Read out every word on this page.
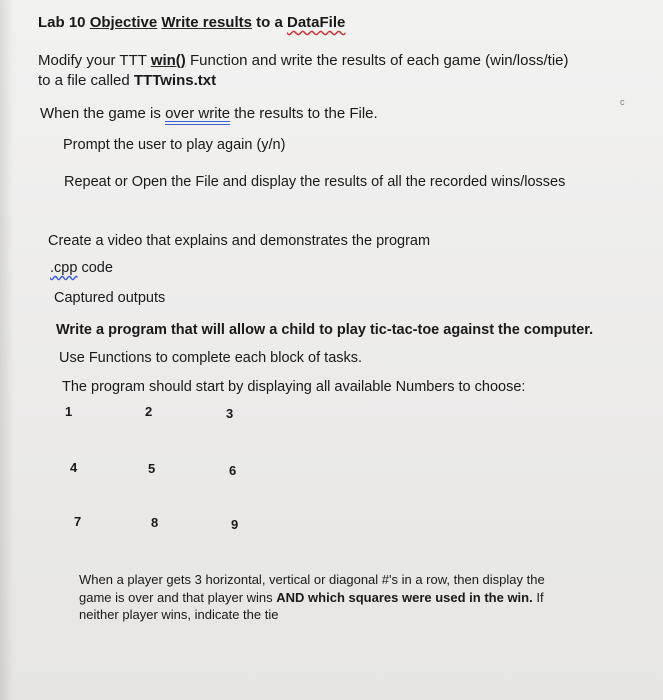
Lab 10 Objective Write results to a DataFile
Modify your TTT win() Function and write the results of each game (win/loss/tie)
to a file called TTTwins.txt
c
When the game is over write the results to the File.
Prompt the user to play again (y/n)
Repeat or Open the File and display the results of all the recorded wins/losses
Create a video that explains and demonstrates the program
.cpp code
Captured outputs
Write a program that will allow a child to play tic-tac-toe against the computer.
Use Functions to complete each block of tasks.
The program should start by displaying all available Numbers to choose:
1	2	3
4	5	6
7	8	9
When a player gets 3 horizontal, vertical or diagonal #'s in a row, then display the
game is over and that player wins AND which squares were used in the win. If
neither player wins, indicate the tie
